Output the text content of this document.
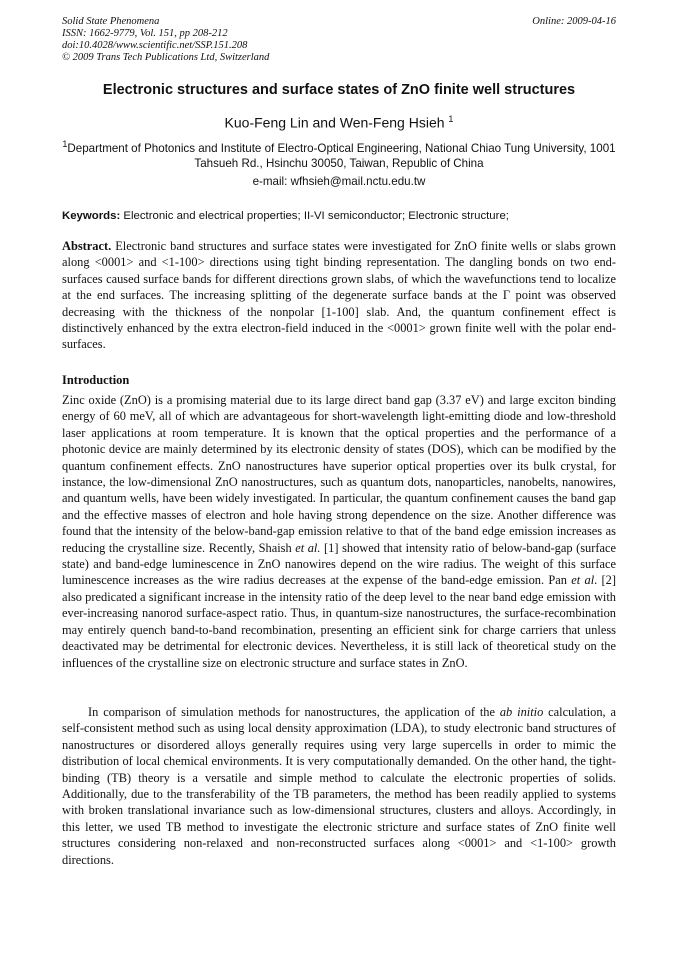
Solid State Phenomena
ISSN: 1662-9779, Vol. 151, pp 208-212
doi:10.4028/www.scientific.net/SSP.151.208
© 2009 Trans Tech Publications Ltd, Switzerland
Online: 2009-04-16
Electronic structures and surface states of ZnO finite well structures
Kuo-Feng Lin and Wen-Feng Hsieh $^1$
$^1$Department of Photonics and Institute of Electro-Optical Engineering, National Chiao Tung University, 1001 Tahsueh Rd., Hsinchu 30050, Taiwan, Republic of China
e-mail: wfhsieh@mail.nctu.edu.tw
Keywords: Electronic and electrical properties; II-VI semiconductor; Electronic structure;
Abstract. Electronic band structures and surface states were investigated for ZnO finite wells or slabs grown along <0001> and <1-100> directions using tight binding representation. The dangling bonds on two end-surfaces caused surface bands for different directions grown slabs, of which the wavefunctions tend to localize at the end surfaces. The increasing splitting of the degenerate surface bands at the Γ point was observed decreasing with the thickness of the nonpolar [1-100] slab. And, the quantum confinement effect is distinctively enhanced by the extra electron-field induced in the <0001> grown finite well with the polar end-surfaces.
Introduction
Zinc oxide (ZnO) is a promising material due to its large direct band gap (3.37 eV) and large exciton binding energy of 60 meV, all of which are advantageous for short-wavelength light-emitting diode and low-threshold laser applications at room temperature. It is known that the optical properties and the performance of a photonic device are mainly determined by its electronic density of states (DOS), which can be modified by the quantum confinement effects. ZnO nanostructures have superior optical properties over its bulk crystal, for instance, the low-dimensional ZnO nanostructures, such as quantum dots, nanoparticles, nanobelts, nanowires, and quantum wells, have been widely investigated. In particular, the quantum confinement causes the band gap and the effective masses of electron and hole having strong dependence on the size. Another difference was found that the intensity of the below-band-gap emission relative to that of the band edge emission increases as reducing the crystalline size. Recently, Shaish et al. [1] showed that intensity ratio of below-band-gap (surface state) and band-edge luminescence in ZnO nanowires depend on the wire radius. The weight of this surface luminescence increases as the wire radius decreases at the expense of the band-edge emission. Pan et al. [2] also predicated a significant increase in the intensity ratio of the deep level to the near band edge emission with ever-increasing nanorod surface-aspect ratio. Thus, in quantum-size nanostructures, the surface-recombination may entirely quench band-to-band recombination, presenting an efficient sink for charge carriers that unless deactivated may be detrimental for electronic devices. Nevertheless, it is still lack of theoretical study on the influences of the crystalline size on electronic structure and surface states in ZnO.
In comparison of simulation methods for nanostructures, the application of the ab initio calculation, a self-consistent method such as using local density approximation (LDA), to study electronic band structures of nanostructures or disordered alloys generally requires using very large supercells in order to mimic the distribution of local chemical environments. It is very computationally demanded. On the other hand, the tight-binding (TB) theory is a versatile and simple method to calculate the electronic properties of solids. Additionally, due to the transferability of the TB parameters, the method has been readily applied to systems with broken translational invariance such as low-dimensional structures, clusters and alloys. Accordingly, in this letter, we used TB method to investigate the electronic stricture and surface states of ZnO finite well structures considering non-relaxed and non-reconstructed surfaces along <0001> and <1-100> growth directions.
